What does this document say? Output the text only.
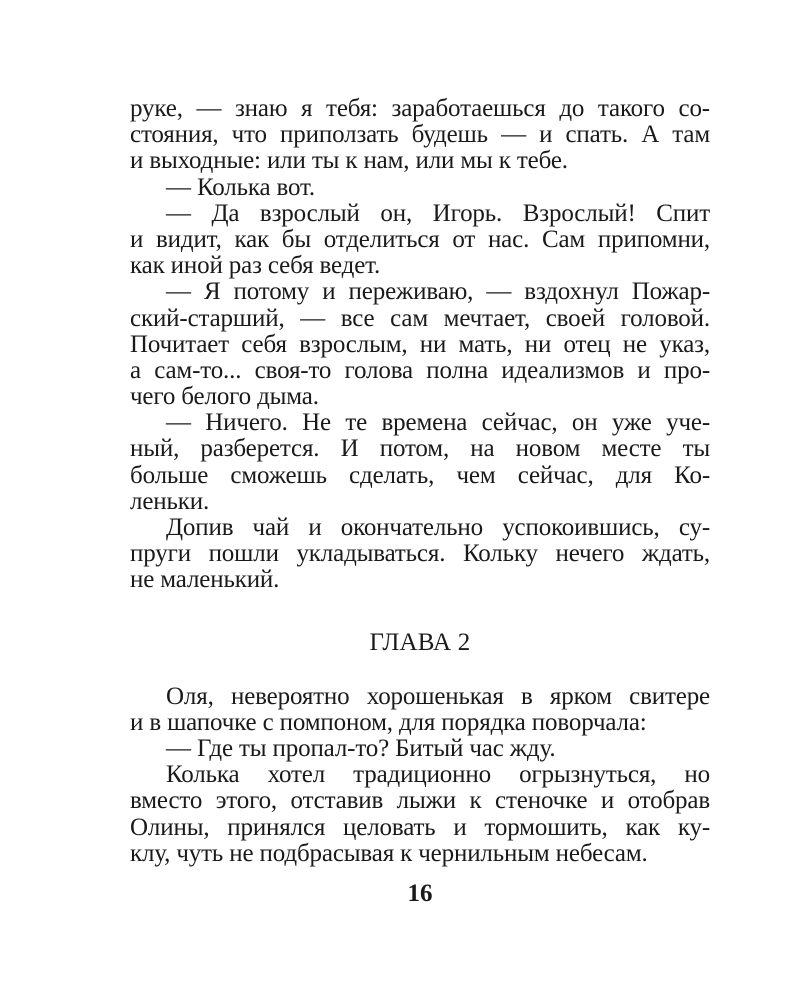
руке, — знаю я тебя: заработаешься до такого со-
стояния, что приползать будешь — и спать. А там
и выходные: или ты к нам, или мы к тебе.
— Колька вот.
— Да взрослый он, Игорь. Взрослый! Спит
и видит, как бы отделиться от нас. Сам припомни,
как иной раз себя ведет.
— Я потому и переживаю, — вздохнул Пожар-
ский-старший, — все сам мечтает, своей головой.
Почитает себя взрослым, ни мать, ни отец не указ,
а сам-то... своя-то голова полна идеализмов и про-
чего белого дыма.
— Ничего. Не те времена сейчас, он уже уче-
ный, разберется. И потом, на новом месте ты
больше сможешь сделать, чем сейчас, для Ко-
леньки.
Допив чай и окончательно успокоившись, су-
пруги пошли укладываться. Кольку нечего ждать,
не маленький.
ГЛАВА 2
Оля, невероятно хорошенькая в ярком свитере
и в шапочке с помпоном, для порядка поворчала:
— Где ты пропал-то? Битый час жду.
Колька хотел традиционно огрызнуться, но
вместо этого, отставив лыжи к стеночке и отобрав
Олины, принялся целовать и тормошить, как ку-
клу, чуть не подбрасывая к чернильным небесам.
16
